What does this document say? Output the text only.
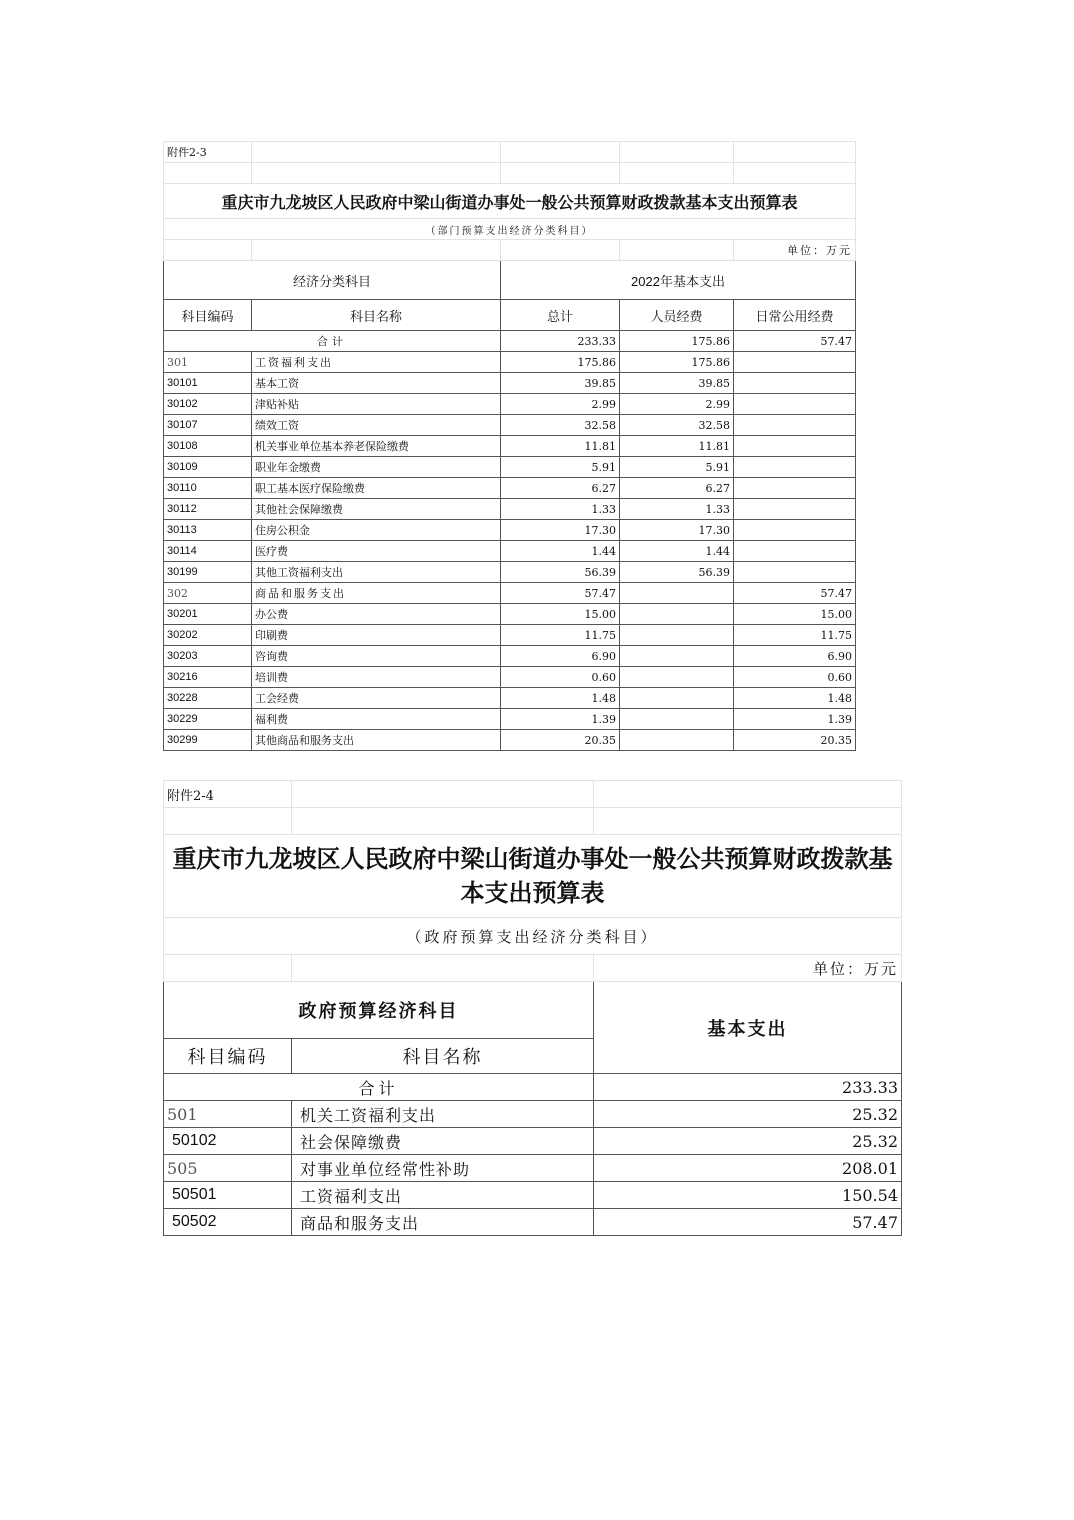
附件2-3				

重庆市九龙坡区人民政府中梁山街道办事处一般公共预算财政拨款基本支出预算表				
（部门预算支出经济分类科目）				
				单位：万元
经济分类科目		2022年基本支出		
科目编码	科目名称	总计	人员经费	日常公用经费
合计		233.33	175.86	57.47
301	工资福利支出	175.86	175.86	
30101	基本工资	39.85	39.85	
30102	津贴补贴	2.99	2.99	
30107	绩效工资	32.58	32.58	
30108	机关事业单位基本养老保险缴费	11.81	11.81	
30109	职业年金缴费	5.91	5.91	
30110	职工基本医疗保险缴费	6.27	6.27	
30112	其他社会保障缴费	1.33	1.33	
30113	住房公积金	17.30	17.30	
30114	医疗费	1.44	1.44	
30199	其他工资福利支出	56.39	56.39	
302	商品和服务支出	57.47		57.47
30201	办公费	15.00		15.00
30202	印刷费	11.75		11.75
30203	咨询费	6.90		6.90
30216	培训费	0.60		0.60
30228	工会经费	1.48		1.48
30229	福利费	1.39		1.39
30299	其他商品和服务支出	20.35		20.35
附件2-4		

重庆市九龙坡区人民政府中梁山街道办事处一般公共预算财政拨款基本支出预算表		
（政府预算支出经济分类科目）		
		单位：万元
政府预算经济科目		基本支出
科目编码	科目名称	
合计		233.33
501	机关工资福利支出	25.32
50102	社会保障缴费	25.32
505	对事业单位经常性补助	208.01
50501	工资福利支出	150.54
50502	商品和服务支出	57.47
